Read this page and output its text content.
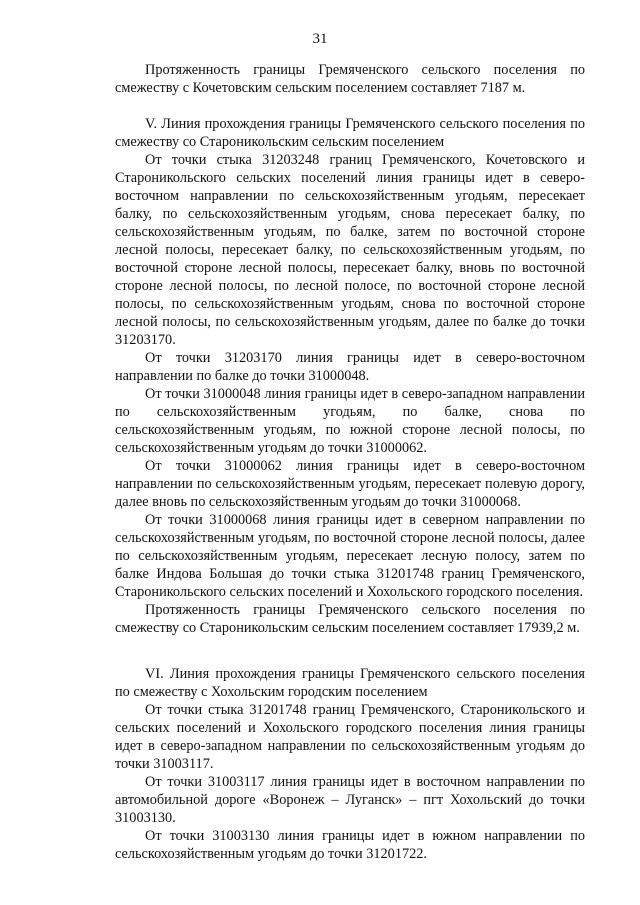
31

Протяженность границы Гремяченского сельского поселения по смежеству с Кочетовским сельским поселением составляет 7187 м.

V. Линия прохождения границы Гремяченского сельского поселения по смежеству со Староникольским сельским поселением

От точки стыка 31203248 границ Гремяченского, Кочетовского и Староникольского сельских поселений линия границы идет в северо-восточном направлении по сельскохозяйственным угодьям, пересекает балку, по сельскохозяйственным угодьям, снова пересекает балку, по сельскохозяйственным угодьям, по балке, затем по восточной стороне лесной полосы, пересекает балку, по сельскохозяйственным угодьям, по восточной стороне лесной полосы, пересекает балку, вновь по восточной стороне лесной полосы, по лесной полосе, по восточной стороне лесной полосы, по сельскохозяйственным угодьям, снова по восточной стороне лесной полосы, по сельскохозяйственным угодьям, далее по балке до точки 31203170.

От точки 31203170 линия границы идет в северо-восточном направлении по балке до точки 31000048.

От точки 31000048 линия границы идет в северо-западном направлении по сельскохозяйственным угодьям, по балке, снова по сельскохозяйственным угодьям, по южной стороне лесной полосы, по сельскохозяйственным угодьям до точки 31000062.

От точки 31000062 линия границы идет в северо-восточном направлении по сельскохозяйственным угодьям, пересекает полевую дорогу, далее вновь по сельскохозяйственным угодьям до точки 31000068.

От точки 31000068 линия границы идет в северном направлении по сельскохозяйственным угодьям, по восточной стороне лесной полосы, далее по сельскохозяйственным угодьям, пересекает лесную полосу, затем по балке Индова Большая до точки стыка 31201748 границ Гремяченского, Староникольского сельских поселений и Хохольского городского поселения.

Протяженность границы Гремяченского сельского поселения по смежеству со Староникольским сельским поселением составляет 17939,2 м.

VI. Линия прохождения границы Гремяченского сельского поселения по смежеству с Хохольским городским поселением

От точки стыка 31201748 границ Гремяченского, Староникольского и сельских поселений и Хохольского городского поселения линия границы идет в северо-западном направлении по сельскохозяйственным угодьям до точки 31003117.

От точки 31003117 линия границы идет в восточном направлении по автомобильной дороге «Воронеж – Луганск» – пгт Хохольский до точки 31003130.

От точки 31003130 линия границы идет в южном направлении по сельскохозяйственным угодьям до точки 31201722.
